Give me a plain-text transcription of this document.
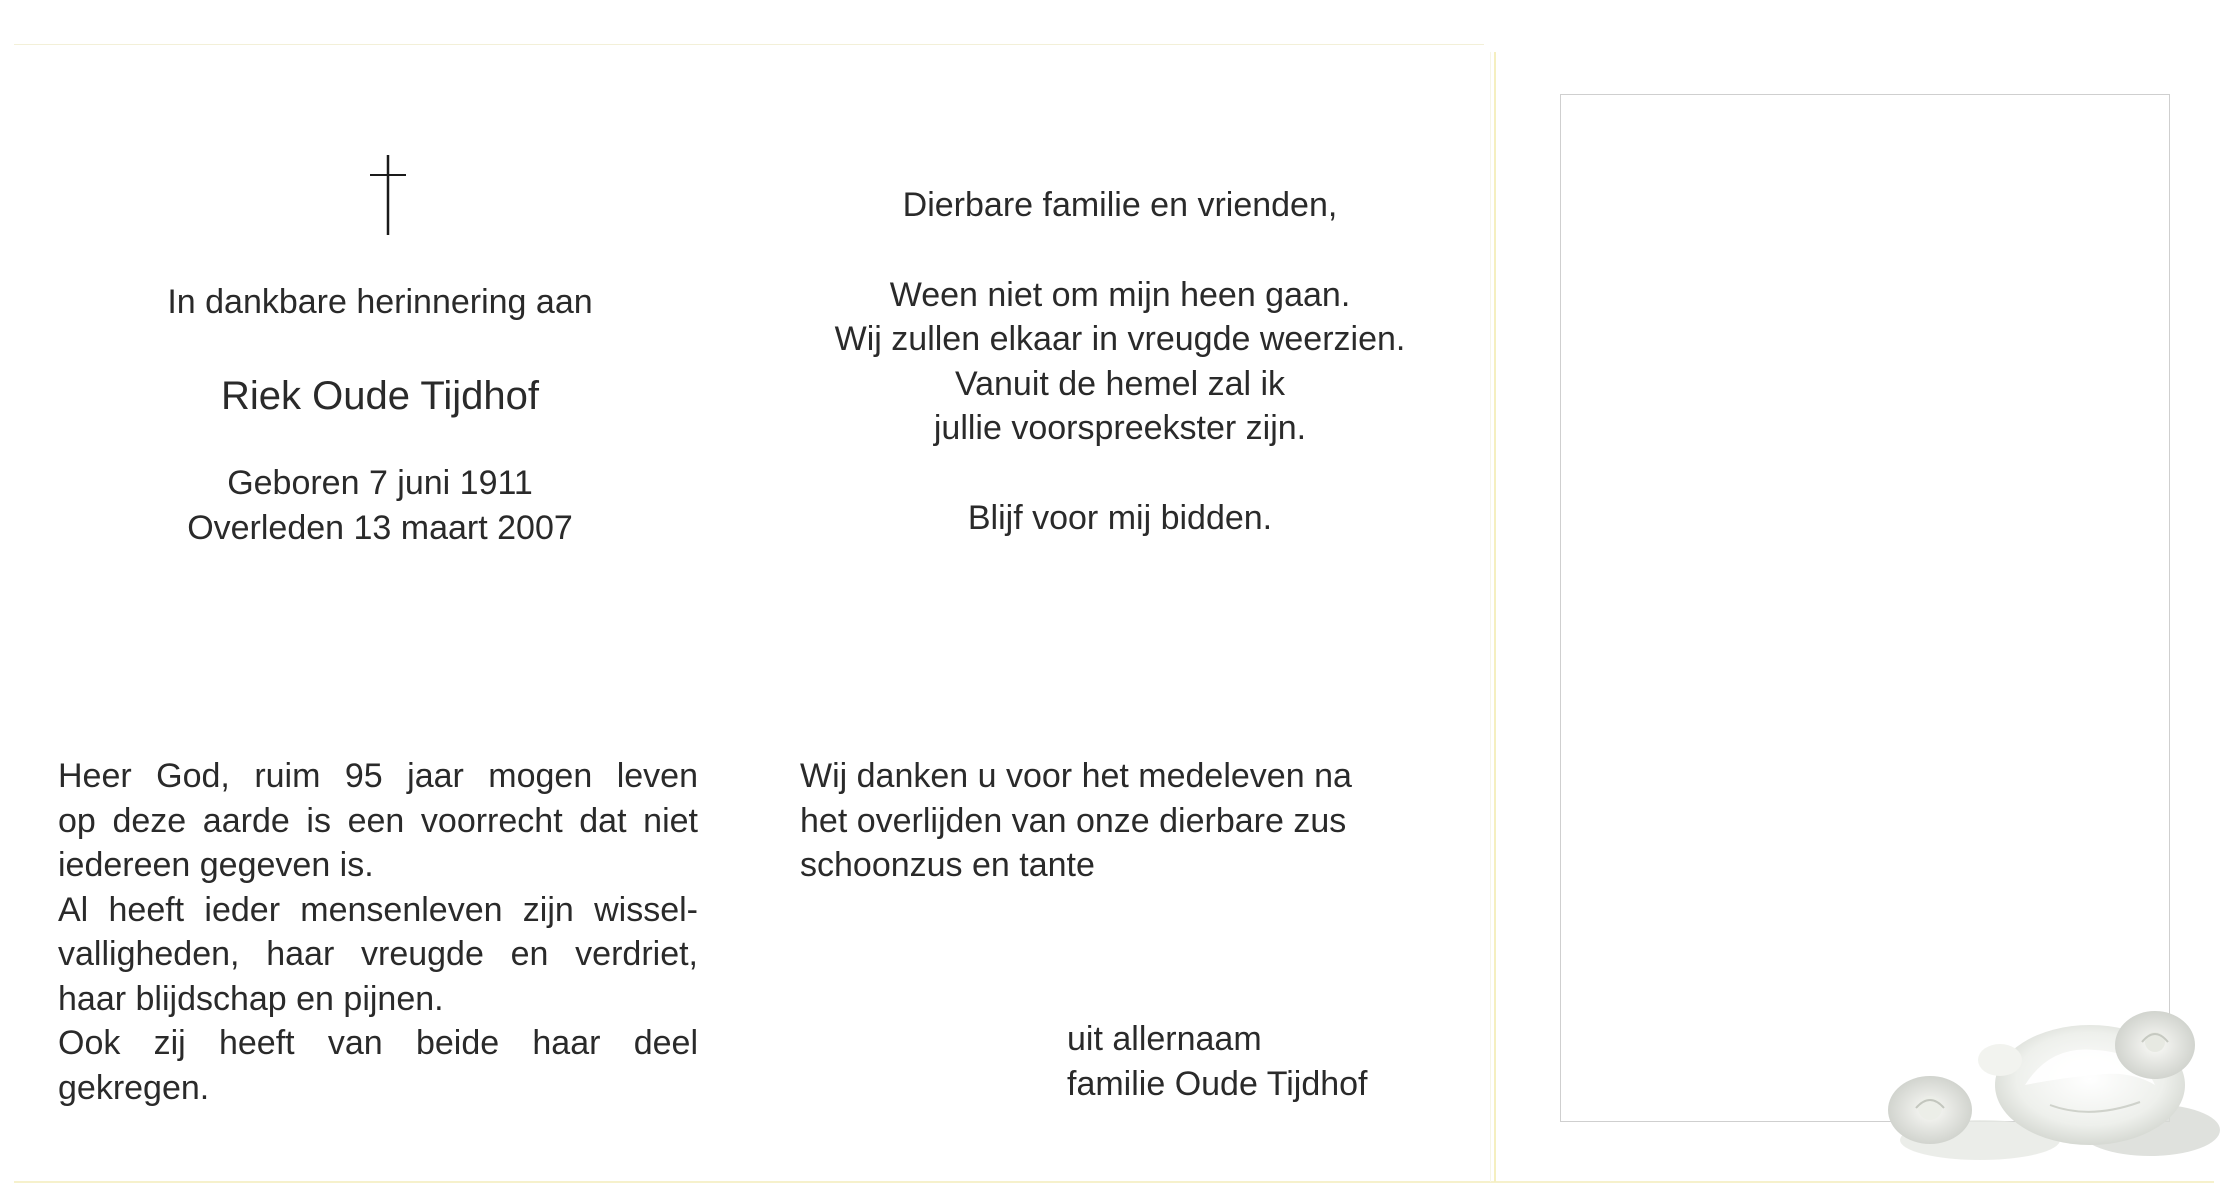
In dankbare herinnering aan
Riek Oude Tijdhof
Geboren 7 juni 1911
Overleden 13 maart 2007
Heer God, ruim 95 jaar mogen leven
op deze aarde is een voorrecht dat niet
iedereen gegeven is.
Al heeft ieder mensenleven zijn wissel-
valligheden, haar vreugde en verdriet,
haar blijdschap en pijnen.
Ook zij heeft van beide haar deel
gekregen.
Dierbare familie en vrienden,
Ween niet om mijn heen gaan.
Wij zullen elkaar in vreugde weerzien.
Vanuit de hemel zal ik
jullie voorspreekster zijn.
Blijf voor mij bidden.
Wij danken u voor het medeleven na
het overlijden van onze dierbare zus
schoonzus en tante
uit allernaam
familie Oude Tijdhof
